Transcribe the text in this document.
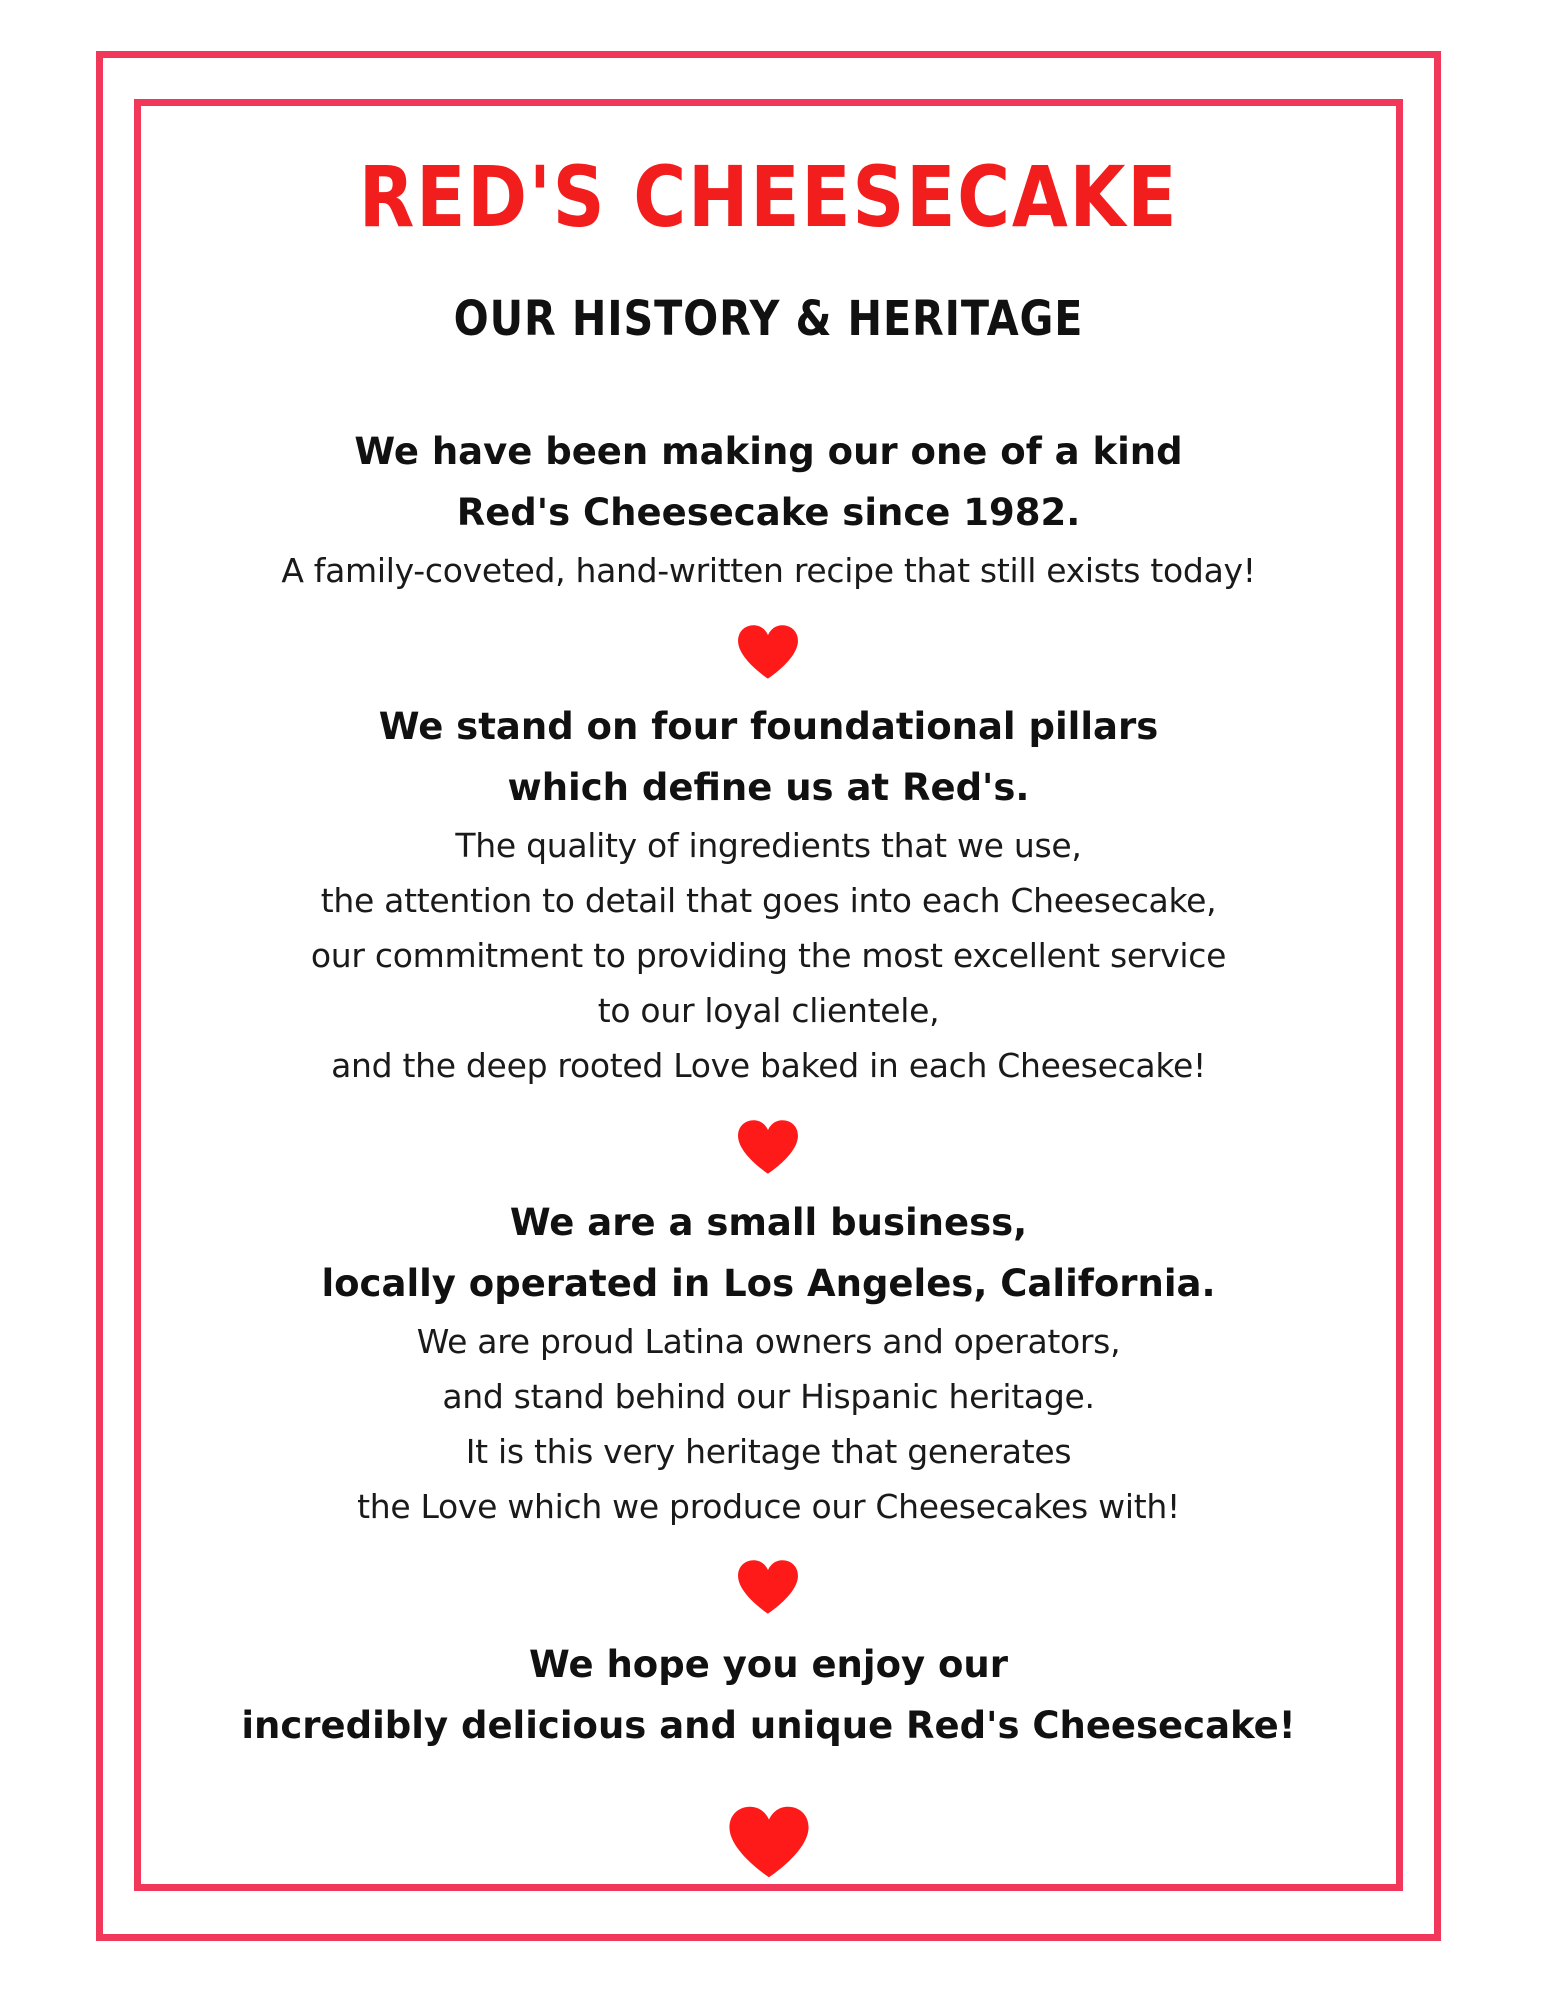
RED'S CHEESECAKE
OUR HISTORY & HERITAGE
We have been making our one of a kind
Red's Cheesecake since 1982.
A family-coveted, hand-written recipe that still exists today!
We stand on four foundational pillars
which define us at Red's.
The quality of ingredients that we use,
the attention to detail that goes into each Cheesecake,
our commitment to providing the most excellent service
to our loyal clientele,
and the deep rooted Love baked in each Cheesecake!
We are a small business,
locally operated in Los Angeles, California.
We are proud Latina owners and operators,
and stand behind our Hispanic heritage.
It is this very heritage that generates
the Love which we produce our Cheesecakes with!
We hope you enjoy our
incredibly delicious and unique Red's Cheesecake!
